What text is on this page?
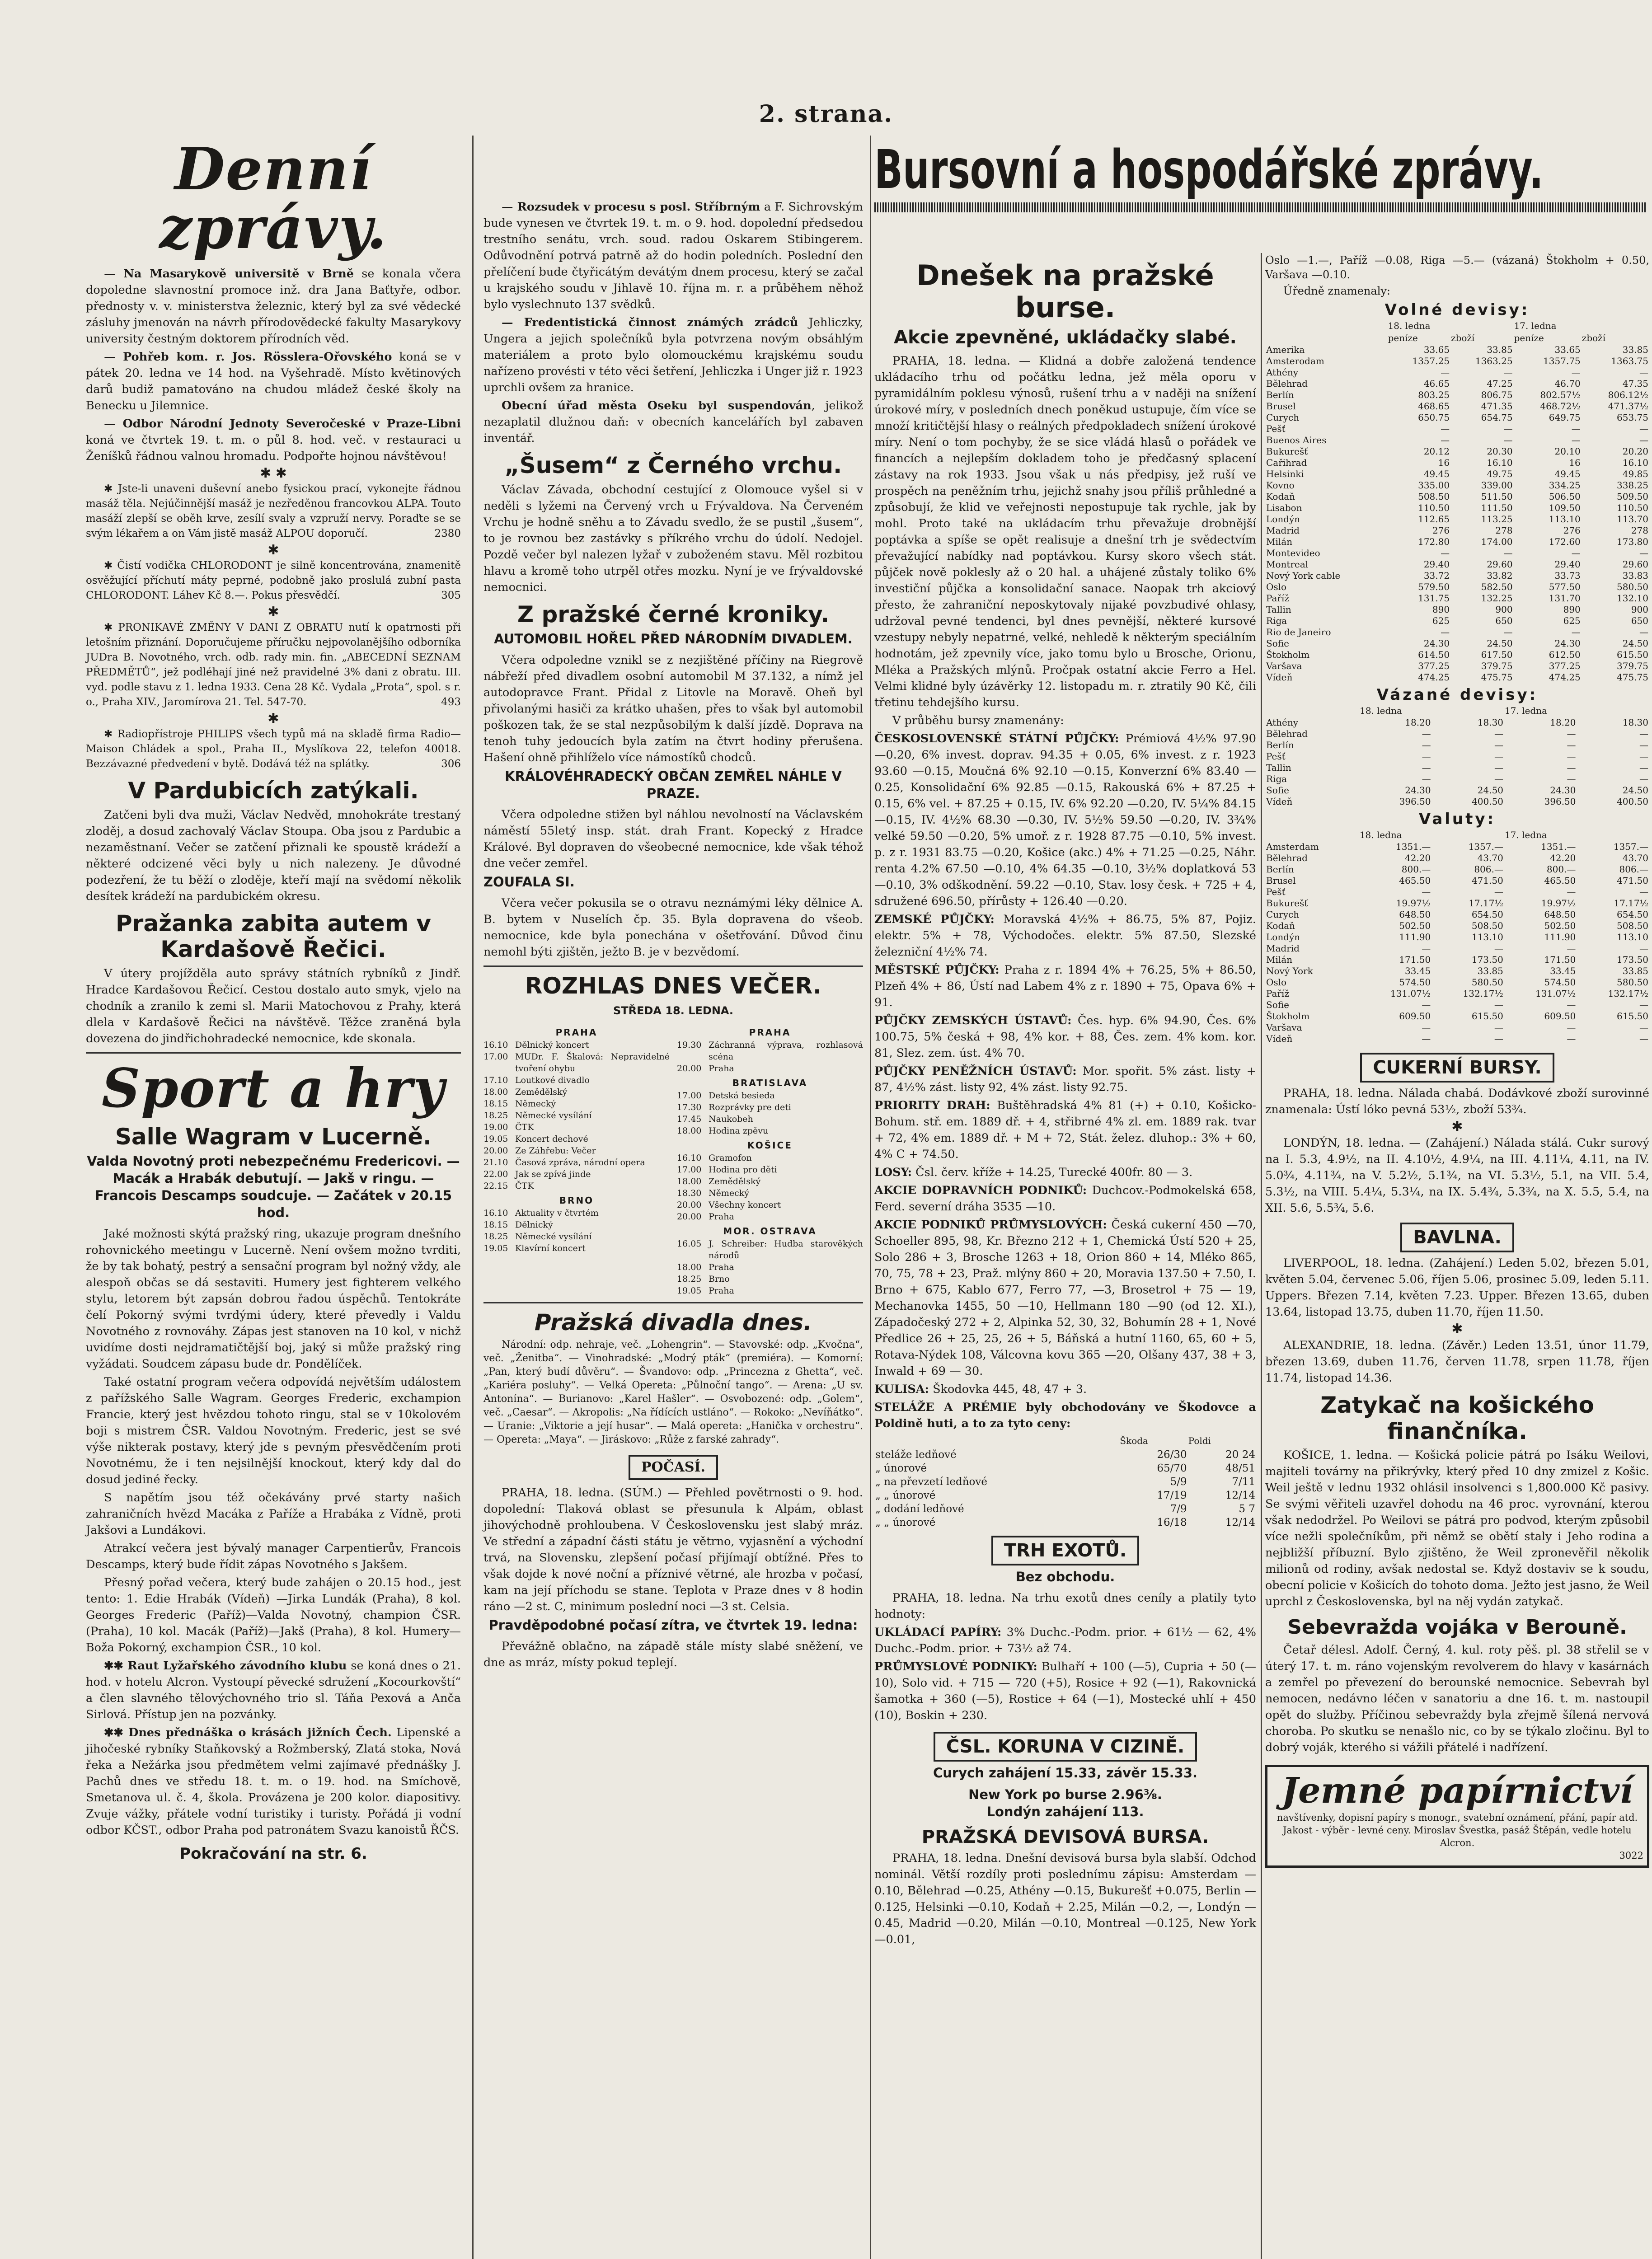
2. strana.
Denní zprávy.

— Na Masarykově universitě v Brně se konala včera dopoledne slavnostní promoce inž. dra Jana Baťtyře, odbor. přednosty v. v. ministerstva železnic, který byl za své vědecké zásluhy jmenován na návrh přírodovědecké fakulty Masarykovy university čestným doktorem přírodních věd.

— Pohřeb kom. r. Jos. Rösslera-Ořovského koná se v pátek 20. ledna ve 14 hod. na Vyšehradě. Místo květinových darů budiž pamatováno na chudou mládež české školy na Benecku u Jilemnice.

— Odbor Národní Jednoty Severočeské v Praze-Libni koná ve čtvrtek 19. t. m. o půl 8. hod. več. v restauraci u Ženíšků řádnou valnou hromadu. Podpořte hojnou návštěvou!

✱ ✱

✱ Jste-li unaveni duševní anebo fysickou prací, vykonejte řádnou masáž těla. Nejúčinnější masáž je nezředěnou francovkou ALPA. Touto masáží zlepší se oběh krve, zesílí svaly a vzpruží nervy. Poraďte se se svým lékařem a on Vám jistě masáž ALPOU doporučí.	2380

✱

✱ Čistí vodička CHLORODONT je silně koncentrována, znamenitě osvěžující příchutí máty peprné, podobně jako proslulá zubní pasta CHLORODONT. Láhev Kč 8.—. Pokus přesvědčí.	305

✱

✱ PRONIKAVÉ ZMĚNY V DANI Z OBRATU nutí k opatrnosti při letošním přiznání. Doporučujeme příručku nejpovolanějšího odborníka JUDra B. Novotného, vrch. odb. rady min. fin. „ABECEDNÍ SEZNAM PŘEDMĚTŮ“, jež podléhají jiné než pravidelné 3% dani z obratu. III. vyd. podle stavu z 1. ledna 1933. Cena 28 Kč. Vydala „Prota“, spol. s r. o., Praha XIV., Jaromírova 21. Tel. 547-70.	493

✱

✱ Radiopřístroje PHILIPS všech typů má na skladě firma Radio—Maison Chládek a spol., Praha II., Myslíkova 22, telefon 40018. Bezzávazné předvedení v bytě. Dodává též na splátky.	306

V Pardubicích zatýkali.

Zatčeni byli dva muži, Václav Nedvěd, mnohokráte trestaný zloděj, a dosud zachovalý Václav Stoupa. Oba jsou z Pardubic a nezaměstnaní. Večer se zatčení přiznali ke spoustě krádeží a některé odcizené věci byly u nich nalezeny. Je důvodné podezření, že tu běží o zloděje, kteří mají na svědomí několik desítek krádeží na pardubickém okresu.

Pražanka zabita autem v Kardašově Řečici.

V útery projížděla auto správy státních rybníků z Jindř. Hradce Kardašovou Řečicí. Cestou dostalo auto smyk, vjelo na chodník a zranilo k zemi sl. Marii Matochovou z Prahy, která dlela v Kardašově Řečici na návštěvě. Těžce zraněná byla dovezena do jindřichohradecké nemocnice, kde skonala.

Sport a hry
Salle Wagram v Lucerně.
Valda Novotný proti nebezpečnému Fredericovi. — Macák a Hrabák debutují. — Jakš v ringu. — Francois Descamps soudcuje. — Začátek v 20.15 hod.

Jaké možnosti skýtá pražský ring, ukazuje program dnešního rohovnického meetingu v Lucerně. Není ovšem možno tvrditi, že by tak bohatý, pestrý a sensační program byl nožný vždy, ale alespoň občas se dá sestaviti. Humery jest fighterem velkého stylu, letorem být zapsán dobrou řadou úspěchů. Tentokráte čelí Pokorný svými tvrdými údery, které převedly i Valdu Novotného z rovnováhy. Zápas jest stanoven na 10 kol, v nichž uvidíme dosti nejdramatičtější boj, jaký si může pražský ring vyžádati. Soudcem zápasu bude dr. Pondělíček.

Také ostatní program večera odpovídá největším událostem z pařížského Salle Wagram. Georges Frederic, exchampion Francie, který jest hvězdou tohoto ringu, stal se v 10kolovém boji s mistrem ČSR. Valdou Novotným. Frederic, jest se své výše nikterak postavy, který jde s pevným přesvědčením proti Novotnému, že i ten nejsilnější knockout, který kdy dal do dosud jediné řecky.

S napětím jsou též očekávány prvé starty našich zahraničních hvězd Macáka z Paříže a Hrabáka z Vídně, proti Jakšovi a Lundákovi.

Atrakcí večera jest bývalý manager Carpentierův, Francois Descamps, který bude řídit zápas Novotného s Jakšem.

Přesný pořad večera, který bude zahájen o 20.15 hod., jest tento: 1. Edie Hrabák (Vídeň) —Jirka Lundák (Praha), 8 kol. Georges Frederic (Paříž)—Valda Novotný, champion ČSR. (Praha), 10 kol. Macák (Paříž)—Jakš (Praha), 8 kol. Humery—Boža Pokorný, exchampion ČSR., 10 kol.

✱✱ Raut Lyžařského závodního klubu se koná dnes o 21. hod. v hotelu Alcron. Vystoupí pěvecké sdružení „Kocourkovští“ a člen slavného tělovýchovného trio sl. Táňa Pexová a Anča Sirlová. Přístup jen na pozvánky.

✱✱ Dnes přednáška o krásách jižních Čech. Lipenské a jihočeské rybníky Staňkovský a Rožmberský, Zlatá stoka, Nová řeka a Nežárka jsou předmětem velmi zajímavé přednášky J. Pachů dnes ve středu 18. t. m. o 19. hod. na Smíchově, Smetanova ul. č. 4, škola. Provázena je 200 kolor. diapositivy. Zvuje vážky, přátele vodní turistiky i turisty. Pořádá ji vodní odbor KČST., odbor Praha pod patronátem Svazu kanoistů ŘČS.

Pokračování na str. 6.

— Rozsudek v procesu s posl. Stříbrným a F. Sichrovským bude vynesen ve čtvrtek 19. t. m. o 9. hod. dopolední předsedou trestního senátu, vrch. soud. radou Oskarem Stibingerem. Odůvodnění potrvá patrně až do hodin poledních. Poslední den přelíčení bude čtyřicátým devátým dnem procesu, který se začal u krajského soudu v Jihlavě 10. října m. r. a průběhem něhož bylo vyslechnuto 137 svědků.

— Fredentistická činnost známých zrádců Jehliczky, Ungera a jejich společníků byla potvrzena novým obsáhlým materiálem a proto bylo olomouckému krajskému soudu nařízeno provésti v této věci šetření, Jehliczka i Unger již r. 1923 uprchli ovšem za hranice.

Obecní úřad města Oseku byl suspendován, jelikož nezaplatil dlužnou daň: v obecních kancelářích byl zabaven inventář.

„Šusem“ z Černého vrchu.

Václav Závada, obchodní cestující z Olomouce vyšel si v neděli s lyžemi na Červený vrch u Frývaldova. Na Červeném Vrchu je hodně sněhu a to Závadu svedlo, že se pustil „šusem“, to je rovnou bez zastávky s příkrého vrchu do údolí. Nedojel. Pozdě večer byl nalezen lyžař v zuboženém stavu. Měl rozbitou hlavu a kromě toho utrpěl otřes mozku. Nyní je ve frývaldovské nemocnici.

Z pražské černé kroniky.
AUTOMOBIL HOŘEL PŘED NÁRODNÍM DIVADLEM.

Včera odpoledne vznikl se z nezjištěné příčiny na Riegrově nábřeží před divadlem osobní automobil M 37.132, a nímž jel autodopravce Frant. Přidal z Litovle na Moravě. Oheň byl přivolanými hasiči za krátko uhašen, přes to však byl automobil poškozen tak, že se stal nezpůsobilým k další jízdě. Doprava na tenoh tuhy jedoucích byla zatím na čtvrt hodiny přerušena. Hašení ohně přihlíželo více námostíků chodců.

KRÁLOVÉHRADECKÝ OBČAN ZEMŘEL NÁHLE V PRAZE.

Včera odpoledne stižen byl náhlou nevolností na Václavském náměstí 55letý insp. stát. drah Frant. Kopecký z Hradce Králové. Byl dopraven do všeobecné nemocnice, kde však téhož dne večer zemřel.

ZOUFALA SI.

Včera večer pokusila se o otravu neznámými léky dělnice A. B. bytem v Nuselích čp. 35. Byla dopravena do všeob. nemocnice, kde byla ponechána v ošetřování. Důvod činu nemohl býti zjištěn, ježto B. je v bezvědomí.

ROZHLAS DNES VEČER.
STŘEDA 18. LEDNA.
PRAHA
16.10 Dělnický koncert
17.00 MUDr. F. Škalová: Nepravidelné tvoření ohybu
17.10 Loutkové divadlo
18.00 Zemědělský
18.15 Německý
18.25 Německé vysílání
19.00 ČTK
19.05 Koncert dechové
20.00 Ze Záhřebu: Večer
21.10 Časová zpráva, národní opera
22.00 Jak se zpívá jinde
22.15 ČTK
BRNO
16.10 Aktuality v čtvrtém
18.15 Dělnický
18.25 Německé vysílání
19.05 Klavírní koncert
PRAHA
19.30 Záchranná výprava, rozhlasová scéna
20.00 Praha
BRATISLAVA
17.00 Detská besieda
17.30 Rozprávky pre deti
17.45 Naukobeh
18.00 Hodina zpěvu
KOŠICE
16.10 Gramofon
17.00 Hodina pro děti
18.00 Zemědělský
18.30 Německý
20.00 Všechny koncert
20.00 Praha
MOR. OSTRAVA
16.05 J. Schreiber: Hudba starověkých národů
18.00 Praha
18.25 Brno
19.05 Praha
Pražská divadla dnes.

Národní: odp. nehraje, več. „Lohengrin“. — Stavovské: odp. „Kvočna“, več. „Ženitba“. — Vinohradské: „Modrý pták“ (premiéra). — Komorní: „Pan, který budí důvěru“. — Švandovo: odp. „Princezna z Ghetta“, več. „Kariéra posluhy“. — Velká Opereta: „Půlnoční tango“. — Arena: „U sv. Antonína“. — Burianovo: „Karel Hašler“. — Osvobozené: odp. „Golem“, več. „Caesar“. — Akropolis: „Na řídících ustláno“. — Rokoko: „Nevíňátko“. — Uranie: „Viktorie a její husar“. — Malá operetа: „Hanička v orchestru“. — Opereta: „Maya“. — Jiráskovo: „Růže z farské zahrady“.

POČASÍ.

PRAHA, 18. ledna. (SÚM.) — Přehled povětrnosti o 9. hod. dopolední: Tlaková oblast se přesunula k Alpám, oblast jihovýchodně prohloubena. V Československu jest slabý mráz. Ve střední a západní části státu je větrno, vyjasnění a východní trvá, na Slovensku, zlepšení počasí přijímají obtížné. Přes to však dojde k nové noční a příznivé větrné, ale hrozba v počasí, kam na její příchodu se stane. Teplota v Praze dnes v 8 hodin ráno —2 st. C, minimum poslední noci —3 st. Celsia.

Pravděpodobné počasí zítra, ve čtvrtek 19. ledna:

Převážně oblačno, na západě stále místy slabé sněžení, ve dne as mráz, místy pokud teplejí.

Bursovní a hospodářské zprávy.
Dnešek na pražské burse.
Akcie zpevněné, ukládačky slabé.

PRAHA, 18. ledna. — Klidná a dobře založená tendence ukládacího trhu od počátku ledna, jež měla oporu v pyramidálním poklesu výnosů, rušení trhu a v naději na snížení úrokové míry, v posledních dnech poněkud ustupuje, čím více se množí kritičtější hlasy o reálných předpokladech snížení úrokové míry. Není o tom pochyby, že se sice vládá hlasů o pořádek ve financích a nejlepším dokladem toho je předčasný splacení zástavy na rok 1933. Jsou však u nás předpisy, jež ruší ve prospěch na peněžním trhu, jejichž snahy jsou příliš průhledné a způsobují, že klid ve veřejnosti nepostupuje tak rychle, jak by mohl. Proto také na ukládacím trhu převažuje drobnější poptávka a spíše se opět realisuje a dnešní trh je svědectvím převažující nabídky nad poptávkou. Kursy skoro všech stát. půjček nově poklesly až o 20 hal. a uhájené zůstaly toliko 6% investiční půjčka a konsolidační sanace. Naopak trh akciový přesto, že zahraniční neposkytovaly nijaké povzbudivé ohlasy, udržoval pevné tendenci, byl dnes pevnější, některé kursové vzestupy nebyly nepatrné, velké, nehledě k některým speciálním hodnotám, jež zpevnily více, jako tomu bylo u Brosche, Orionu, Mléka a Pražských mlýnů. Pročpak ostatní akcie Ferro a Hel. Velmi klidné byly úzávěrky 12. listopadu m. r. ztratily 90 Kč, čili třetinu tehdejšího kursu.

V průběhu bursy znamenány:

ČESKOSLOVENSKÉ STÁTNÍ PŮJČKY: Prémiová 4½% 97.90 —0.20, 6% invest. doprav. 94.35 + 0.05, 6% invest. z r. 1923 93.60 —0.15, Moučná 6% 92.10 —0.15, Konverzní 6% 83.40 —0.25, Konsolidační 6% 92.85 —0.15, Rakouská 6% + 87.25 + 0.15, 6% vel. + 87.25 + 0.15, IV. 6% 92.20 —0.20, IV. 5¼% 84.15 —0.15, IV. 4½% 68.30 —0.30, IV. 5½% 59.50 —0.20, IV. 3¾% velké 59.50 —0.20, 5% umoř. z r. 1928 87.75 —0.10, 5% invest. p. z r. 1931 83.75 —0.20, Košice (akc.) 4% + 71.25 —0.25, Náhr. renta 4.2% 67.50 —0.10, 4% 64.35 —0.10, 3½% doplatková 53 —0.10, 3% odškodnění. 59.22 —0.10, Stav. losy česk. + 725 + 4, sdružené 696.50, přírůsty + 126.40 —0.20.

ZEMSKÉ PŮJČKY: Moravská 4½% + 86.75, 5% 87, Pojiz. elektr. 5% + 78, Východočes. elektr. 5% 87.50, Slezské železniční 4½% 74.

MĚSTSKÉ PŮJČKY: Praha z r. 1894 4% + 76.25, 5% + 86.50, Plzeň 4% + 86, Ústí nad Labem 4% z r. 1890 + 75, Opava 6% + 91.

PŮJČKY ZEMSKÝCH ÚSTAVŮ: Čes. hyp. 6% 94.90, Čes. 6% 100.75, 5% česká + 98, 4% kor. + 88, Čes. zem. 4% kom. kor. 81, Slez. zem. úst. 4% 70.

PŮJČKY PENĚŽNÍCH ÚSTAVŮ: Mor. spořit. 5% zást. listy + 87, 4½% zást. listy 92, 4% zást. listy 92.75.

PRIORITY DRAH: Buštěhradská 4% 81 (+) + 0.10, Košicko-Bohum. stř. em. 1889 dř. + 4, střibrné 4% zl. em. 1889 rak. tvar + 72, 4% em. 1889 dř. + M + 72, Stát. želez. dluhop.: 3% + 60, 4% C + 74.50.

LOSY: Čsl. červ. kříže + 14.25, Turecké 400fr. 80 — 3.

AKCIE DOPRAVNÍCH PODNIKŮ: Duchcov.-Podmokelská 658, Ferd. severní dráha 3535 —10.

AKCIE PODNIKŮ PRŮMYSLOVÝCH: Česká cukerní 450 —70, Schoeller 895, 98, Kr. Březno 212 + 1, Chemická Ústí 520 + 25, Solo 286 + 3, Brosche 1263 + 18, Orion 860 + 14, Mléko 865, 70, 75, 78 + 23, Praž. mlýny 860 + 20, Moravia 137.50 + 7.50, I. Brno + 675, Kablo 677, Ferro 77, —3, Brosetrol + 75 — 19, Mechanovka 1455, 50 —10, Hellmann 180 —90 (od 12. XI.), Západočeský 272 + 2, Alpinka 52, 30, 32, Bohumín 28 + 1, Nové Předlice 26 + 25, 25, 26 + 5, Báňská a hutní 1160, 65, 60 + 5, Rotava-Nýdek 108, Válcovna kovu 365 —20, Olšany 437, 38 + 3, Inwald + 69 — 30.

KULISA: Škodovka 445, 48, 47 + 3.

STELÁŽE A PRÉMIE byly obchodovány ve Škodovce a Poldině huti, a to za tyto ceny:

	Škoda	Poldi
steláže ledňové	26/30	20 24
„ únorové	65/70	48/51
„ na převzetí ledňové	5/9	7/11
„ „ únorové	17/19	12/14
„ dodání ledňové	7/9	5 7
„ „ únorové	16/18	12/14
TRH EXOTŮ.
Bez obchodu.

PRAHA, 18. ledna. Na trhu exotů dnes ceníly a platily tyto hodnoty:

UKLÁDACÍ PAPÍRY: 3% Duchc.-Podm. prior. + 61½ — 62, 4% Duchc.-Podm. prior. + 73½ až 74.

PRŮMYSLOVÉ PODNIKY: Bulhaří + 100 (—5), Cupria + 50 (—10), Solo vid. + 715 — 720 (+5), Rosice + 92 (—1), Rakovnická šamotka + 360 (—5), Rostice + 64 (—1), Mostecké uhlí + 450 (10), Boskin + 230.

ČSL. KORUNA V CIZINĚ.
Curych zahájení 15.33, závěr 15.33.
New York po bursе 2.96⅜.
Londýn zahájení 113.
PRAŽSKÁ DEVISOVÁ BURSA.

PRAHA, 18. ledna. Dnešní devisová bursa byla slabší. Odchod nominál. Větší rozdíly proti poslednímu zápisu: Amsterdam —0.10, Bělehrad —0.25, Athény —0.15, Bukurešť +0.075, Berlin —0.125, Helsinki —0.10, Kodaň + 2.25, Milán —0.2, —, Londýn —0.45, Madrid —0.20, Milán —0.10, Montreal —0.125, New York —0.01,

Oslo —1.—, Paříž —0.08, Riga —5.— (vázaná) Štokholm + 0.50, Varšava —0.10.

Úředně znamenaly:

Volné devisy:
	18. ledna		17. ledna	
	peníze	zboží	peníze	zboží
Amerika	33.65	33.85	33.65	33.85
Amsterodam	1357.25	1363.25	1357.75	1363.75
Athény	—	—	—	—
Bělehrad	46.65	47.25	46.70	47.35
Berlín	803.25	806.75	802.57½	806.12½
Brusel	468.65	471.35	468.72½	471.37½
Curych	650.75	654.75	649.75	653.75
Pešť	—	—	—	—
Buenos Aires	—	—	—	—
Bukurešť	20.12	20.30	20.10	20.20
Cařihrad	16	16.10	16	16.10
Helsinki	49.45	49.75	49.45	49.85
Kovno	335.00	339.00	334.25	338.25
Kodaň	508.50	511.50	506.50	509.50
Lisabon	110.50	111.50	109.50	110.50
Londýn	112.65	113.25	113.10	113.70
Madrid	276	278	276	278
Milán	172.80	174.00	172.60	173.80
Montevideo	—	—	—	—
Montreal	29.40	29.60	29.40	29.60
Nový York cable	33.72	33.82	33.73	33.83
Oslo	579.50	582.50	577.50	580.50
Paříž	131.75	132.25	131.70	132.10
Tallin	890	900	890	900
Riga	625	650	625	650
Rio de Janeiro	—	—	—	—
Sofie	24.30	24.50	24.30	24.50
Štokholm	614.50	617.50	612.50	615.50
Varšava	377.25	379.75	377.25	379.75
Vídeň	474.25	475.75	474.25	475.75
Vázané devisy:
	18. ledna		17. ledna	
Athény	18.20	18.30	18.20	18.30
Bělehrad	—	—	—	—
Berlín	—	—	—	—
Pešť	—	—	—	—
Tallin	—	—	—	—
Riga	—	—	—	—
Sofie	24.30	24.50	24.30	24.50
Vídeň	396.50	400.50	396.50	400.50
Valuty:
	18. ledna		17. ledna	
Amsterdam	1351.—	1357.—	1351.—	1357.—
Bělehrad	42.20	43.70	42.20	43.70
Berlín	800.—	806.—	800.—	806.—
Brusel	465.50	471.50	465.50	471.50
Pešť	—	—	—	—
Bukurešť	19.97½	17.17½	19.97½	17.17½
Curych	648.50	654.50	648.50	654.50
Kodaň	502.50	508.50	502.50	508.50
Londýn	111.90	113.10	111.90	113.10
Madrid	—	—	—	—
Milán	171.50	173.50	171.50	173.50
Nový York	33.45	33.85	33.45	33.85
Oslo	574.50	580.50	574.50	580.50
Paříž	131.07½	132.17½	131.07½	132.17½
Sofie	—	—	—	—
Štokholm	609.50	615.50	609.50	615.50
Varšava	—	—	—	—
Vídeň	—	—	—	—
CUKERNÍ BURSY.

PRAHA, 18. ledna. Nálada chabá. Dodávkové zboží surovinné znamenala: Ústí lóko pevná 53½, zboží 53¾.

✱

LONDÝN, 18. ledna. — (Zahájení.) Nálada stálá. Cukr surový na I. 5.3, 4.9½, na II. 4.10½, 4.9¼, na III. 4.11¼, 4.11, na IV. 5.0¾, 4.11¾, na V. 5.2½, 5.1¾, na VI. 5.3½, 5.1, na VII. 5.4, 5.3½, na VIII. 5.4¼, 5.3¼, na IX. 5.4¾, 5.3¾, na X. 5.5, 5.4, na XII. 5.6, 5.5¾, 5.6.

BAVLNA.

LIVERPOOL, 18. ledna. (Zahájení.) Leden 5.02, březen 5.01, květen 5.04, červenec 5.06, říjen 5.06, prosinec 5.09, leden 5.11. Uppers. Březen 7.14, květen 7.23. Upper. Březen 13.65, duben 13.64, listopad 13.75, duben 11.70, říjen 11.50.

✱

ALEXANDRIE, 18. ledna. (Závěr.) Leden 13.51, únor 11.79, březen 13.69, duben 11.76, červen 11.78, srpen 11.78, říjen 11.74, listopad 14.36.

Zatykač na košického finančníka.

KOŠICE, 1. ledna. — Košická policie pátrá po Isáku Weilovi, majiteli továrny na přikrývky, který před 10 dny zmizel z Košic. Weil ještě v lednu 1932 ohlásil insolvenci s 1,800.000 Kč pasivy. Se svými věřiteli uzavřel dohodu na 46 proc. vyrovnání, kterou však nedodržel. Po Weilovi se pátrá pro podvod, kterým způsobil více nežli společníkům, při němž se obětí staly i Jeho rodina a nejbližší příbuzní. Bylo zjištěno, že Weil zpronevěřil několik milionů od rodiny, avšak nedostal se. Když dostaviv se k soudu, obecní policie v Košicích do tohoto doma. Ježto jest jasno, že Weil uprchl z Československa, byl na něj vydán zatykač.

Sebevražda vojáka v Berouně.

Četař délesl. Adolf. Černý, 4. kul. roty pěš. pl. 38 střelil se v úterý 17. t. m. ráno vojenským revolverem do hlavy v kasárnách a zemřel po převezení do berounské nemocnice. Sebevrah byl nemocen, nedávno léčen v sanatoriu a dne 16. t. m. nastoupil opět do služby. Příčinou sebevraždy byla zřejmě šílená nervová choroba. Po skutku se nenašlo nic, co by se týkalo zločinu. Byl to dobrý voják, kterého si vážili přátelé i nadřízení.

Jemné papírnictví
navštívenky, dopisní papíry s monogr., svatební oznámení, přání, papír atd. Jakost - výběr - levné ceny. Miroslav Švestka, pasáž Štěpán, vedle hotelu Alcron.
3022
